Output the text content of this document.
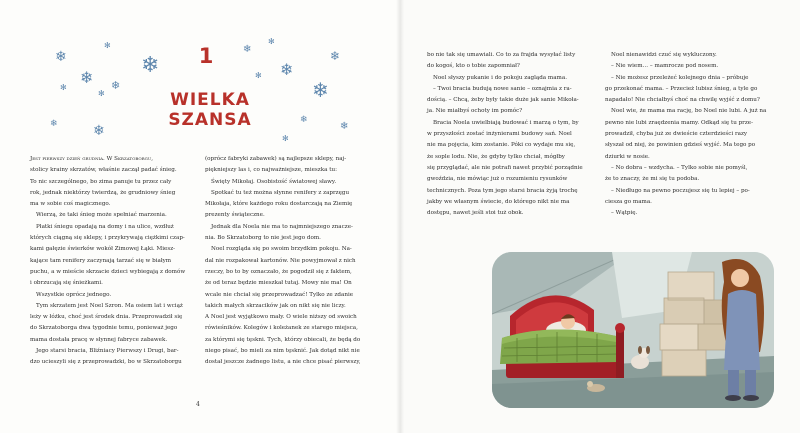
❄
✻
❄
❄
✻
✻
❄
❄	❄
❄
✻
❄
❄
✻
❄
❄
❄
✻
1
WIELKA SZANSA

Jest pierwszy dzień grudnia. W Skrzatoborgu,

stolicy krainy skrzatów, właśnie zaczął padać śnieg.

To nic szczególnego, bo zima panuje tu przez cały

rok, jednak niektórzy twierdzą, że grudniowy śnieg

ma w sobie coś magicznego.

Wierzą, że taki śnieg może spełniać marzenia.

Płatki śniegu opadają na domy i na ulice, wzdłuż

których ciągną się sklepy, i przykrywają ciężkimi czap-

kami gałęzie świerków wokół Zimowej Łąki. Miesz-

kające tam renifery zaczynają tarzać się w białym

puchu, a w mieście skrzacie dzieci wybiegają z domów

i obrzucają się śnieżkami.

Wszystkie oprócz jednego.

Tym skrzatem jest Noel Szron. Ma osiem lat i wciąż

leży w łóżku, choć jest środek dnia. Przeprowadził się

do Skrzatoborga dwa tygodnie temu, ponieważ jego

mama dostała pracę w słynnej fabryce zabawek.

Jego starsi bracia, Bliźniacy Pierwszy i Drugi, bar-

dzo ucieszyli się z przeprowadzki, bo w Skrzatoborgu

(oprócz fabryki zabawek) są najlepsze sklepy, naj-

piękniejszy las i, co najważniejsze, mieszka tu:

Święty Mikołaj. Osobistość światowej sławy.

Spotkać tu też można słynne renifery z zaprzęgu

Mikołaja, które każdego roku dostarczają na Ziemię

prezenty świąteczne.

Jednak dla Noela nie ma to najmniejszego znacze-

nia. Bo Skrzatoborg to nie jest jego dom.

Noel rozgląda się po swoim brzydkim pokoju. Na-

dal nie rozpakował kartonów. Nie powyjmował z nich

rzeczy, bo to by oznaczało, że pogodził się z faktem,

że od teraz będzie mieszkał tutaj. Mowy nie ma! On

wcale nie chciał się przeprowadzać! Tylko ze zdanie

takich małych skrzacików jak on nikt się nie liczy.

A Noel jest wyjątkowo mały. O wiele niższy od swoich

rówieśników. Kolegów i koleżanek ze starego miejsca,

za którymi się tęskni. Tych, którzy obiecali, że będą do

niego pisać, bo mieli za nim tęsknić. Jak dotąd nikt nie

dostał jeszcze żadnego listu, a nie chce pisać pierwszy,

4

bo nie tak się umawiali. Co to za frajda wysyłać listy

do kogoś, kto o tobie zapomniał?

Noel słyszy pukanie i do pokoju zagląda mama.

– Twoi bracia budują nowe sanie – oznajmia z ra-

dością. – Chcą, żeby były takie duże jak sanie Mikoła-

ja. Nie miałbyś ochoty im pomóc?

Bracia Noela uwielbiają budować i marzą o tym, by

w przyszłości zostać inżynierami budowy sań. Noel

nie ma pojęcia, kim zostanie. Póki co wydaje mu się,

że sople lodu. Nie, że gdyby tylko chciał, mógłby

się przyglądać, ale nie potrafi nawet przybić porządnie

gwoździa, nie mówiąc już o rozumieniu rysunków

technicznych. Poza tym jego starsi bracia żyją trochę

jakby we własnym świecie, do którego nikt nie ma

dostępu, nawet jeśli stoi tuż obok.

Noel nienawidzi czuć się wykluczony.

– Nie wiem… – mamrocze pod nosem.

– Nie możesz przeleżeć kolejnego dnia – próbuje

go przekonać mama. – Przecież lubisz śnieg, a tyle go

napadało! Nie chciałbyś choć na chwilę wyjść z domu?

Noel wie, że mama ma rację, bo Noel nie lubi. A już na

pewno nie lubi zraędzenia mamy. Odkąd się tu prze-

prowadził, chyba już ze dwieście czterdzieści razy

słyszał od niej, że powinien gdzieś wyjść. Ma tego po

dziurki w nosie.

– No dobra – wzdycha. – Tylko sobie nie pomyśl,

że to znaczy, że mi się tu podoba.

– Niedługo na pewno poczujesz się tu lepiej – po-

cieszа go mama.

– Wątpię.
